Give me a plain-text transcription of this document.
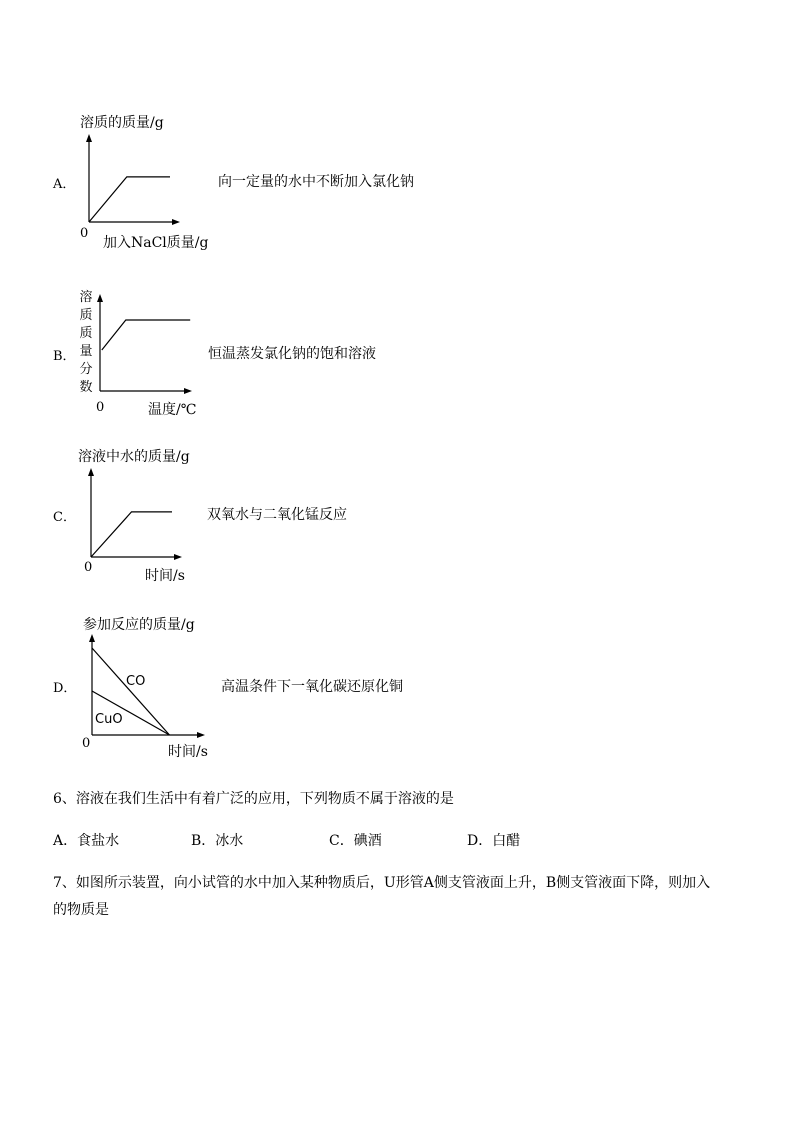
溶质的质量/g
A．
0
加入NaCl质量/g
向一定量的水中不断加入氯化钠
溶质质量分数
B．
0	温度/℃
恒温蒸发氯化钠的饱和溶液
溶液中水的质量/g
C．
0
时间/s
双氧水与二氧化锰反应
参加反应的质量/g
D．	CO
CuO
0
时间/s
高温条件下一氧化碳还原化铜
6、溶液在我们生活中有着广泛的应用，下列物质不属于溶液的是
A．食盐水	B．冰水	C．碘酒	D．白醋
7、如图所示装置，向小试管的水中加入某种物质后，U形管A侧支管液面上升，B侧支管液面下降，则加入
的物质是
